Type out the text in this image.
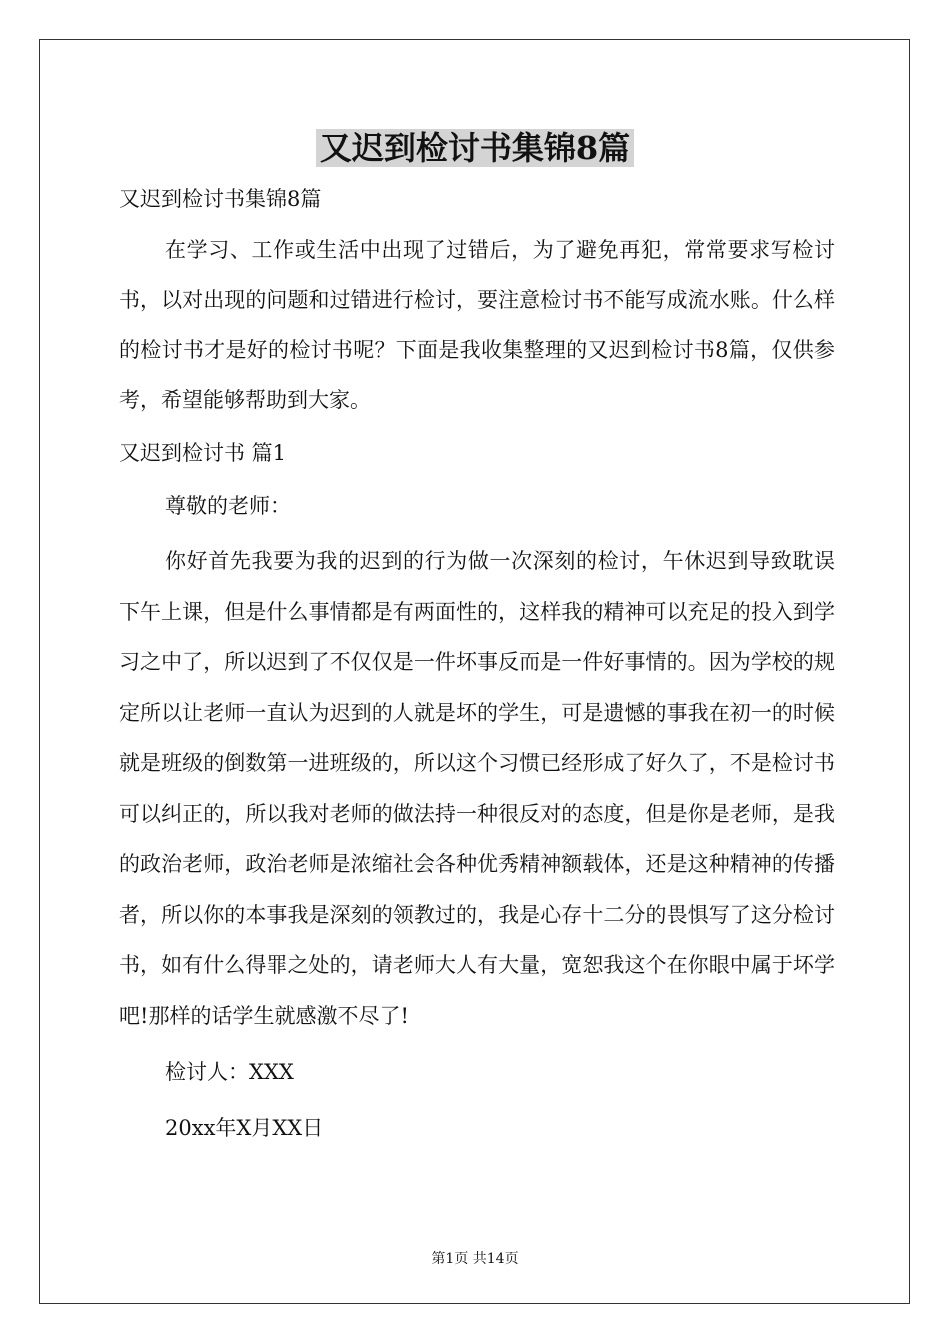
又迟到检讨书集锦8篇

又迟到检讨书集锦8篇

在学习、工作或生活中出现了过错后，为了避免再犯，常常要求写检讨书，以对出现的问题和过错进行检讨，要注意检讨书不能写成流水账。什么样的检讨书才是好的检讨书呢？下面是我收集整理的又迟到检讨书8篇，仅供参考，希望能够帮助到大家。

又迟到检讨书 篇1

尊敬的老师：

你好首先我要为我的迟到的行为做一次深刻的检讨，午休迟到导致耽误下午上课，但是什么事情都是有两面性的，这样我的精神可以充足的投入到学习之中了，所以迟到了不仅仅是一件坏事反而是一件好事情的。因为学校的规定所以让老师一直认为迟到的人就是坏的学生，可是遗憾的事我在初一的时候就是班级的倒数第一进班级的，所以这个习惯已经形成了好久了，不是检讨书可以纠正的，所以我对老师的做法持一种很反对的态度，但是你是老师，是我的政治老师，政治老师是浓缩社会各种优秀精神额载体，还是这种精神的传播者，所以你的本事我是深刻的领教过的，我是心存十二分的畏惧写了这分检讨书，如有什么得罪之处的，请老师大人有大量，宽恕我这个在你眼中属于坏学吧!那样的话学生就感激不尽了!

检讨人：XXX

20xx年X月XX日

第1页 共14页
